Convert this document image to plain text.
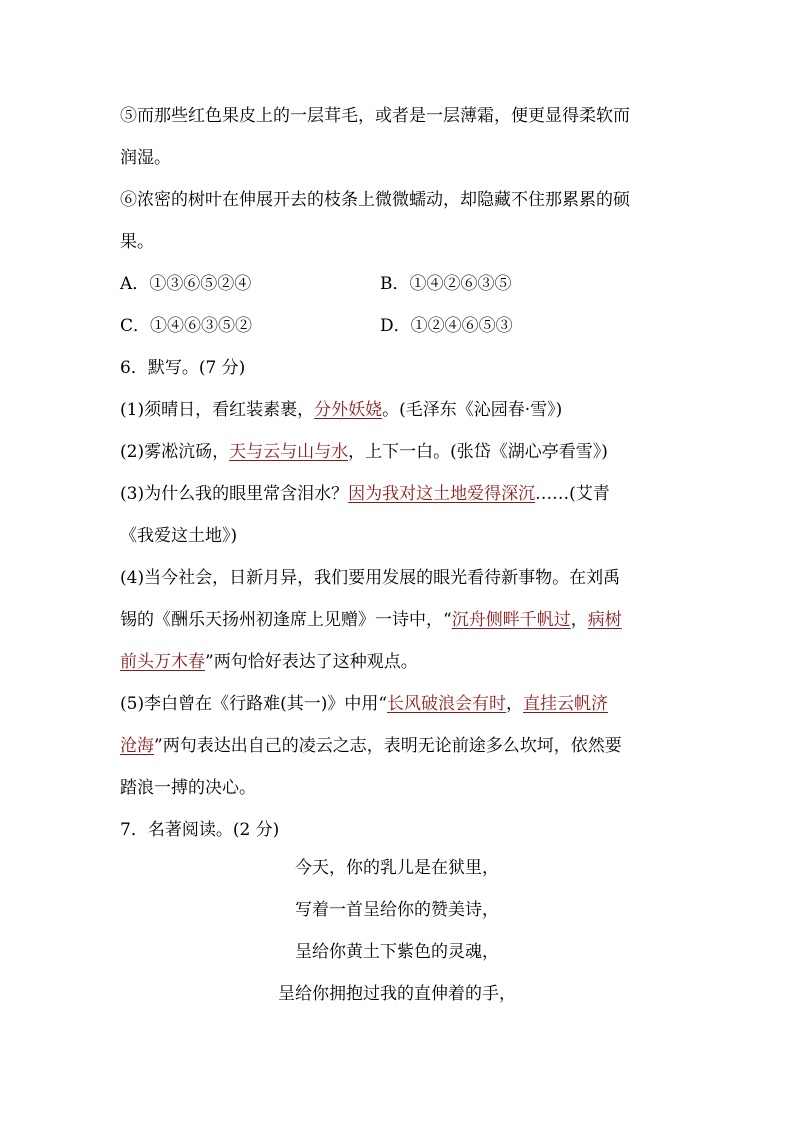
⑤而那些红色果皮上的一层茸毛，或者是一层薄霜，便更显得柔软而
润湿。
⑥浓密的树叶在伸展开去的枝条上微微蠕动，却隐藏不住那累累的硕
果。
A．①③⑥⑤②④	B．①④②⑥③⑤
C．①④⑥③⑤②	D．①②④⑥⑤③
6．默写。(7 分)
(1)须晴日，看红装素裹，分外妖娆。(毛泽东《沁园春·雪》)
(2)雾凇沆砀，天与云与山与水，上下一白。(张岱《湖心亭看雪》)
(3)为什么我的眼里常含泪水？因为我对这土地爱得深沉……(艾青
《我爱这土地》)
(4)当今社会，日新月异，我们要用发展的眼光看待新事物。在刘禹
锡的《酬乐天扬州初逢席上见赠》一诗中，“沉舟侧畔千帆过，病树
前头万木春”两句恰好表达了这种观点。
(5)李白曾在《行路难(其一)》中用“长风破浪会有时，直挂云帆济
沧海”两句表达出自己的凌云之志，表明无论前途多么坎坷，依然要
踏浪一搏的决心。
7．名著阅读。(2 分)
今天，你的乳儿是在狱里，
写着一首呈给你的赞美诗，
呈给你黄土下紫色的灵魂，
呈给你拥抱过我的直伸着的手，
